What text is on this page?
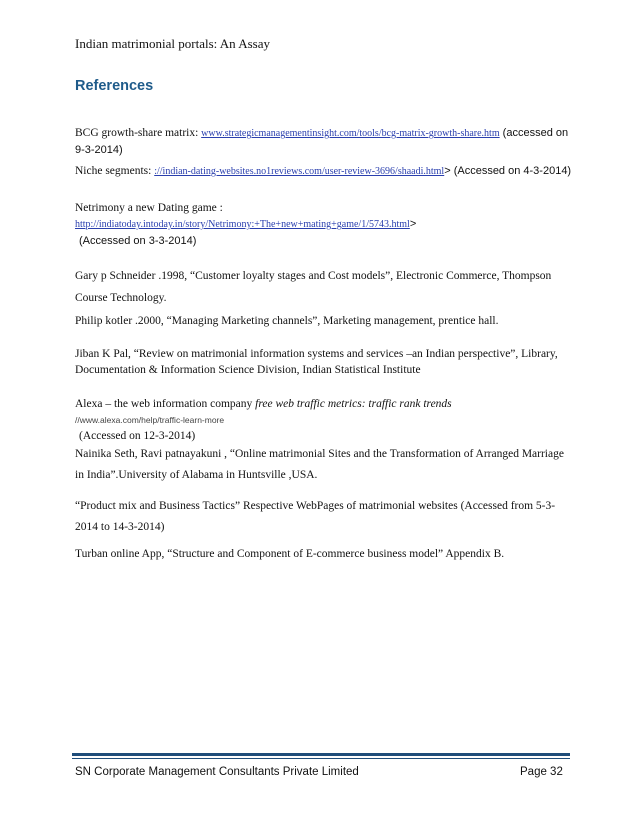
Indian matrimonial portals: An Assay
References
BCG growth-share matrix: www.strategicmanagementinsight.com/tools/bcg-matrix-growth-share.htm (accessed on 9-3-2014)
Niche segments: ://indian-dating-websites.no1reviews.com/user-review-3696/shaadi.html> (Accessed on 4-3-2014)
Netrimony a new Dating game :
http://indiatoday.intoday.in/story/Netrimony:+The+new+mating+game/1/5743.html>
(Accessed on 3-3-2014)
Gary p Schneider .1998, “Customer loyalty stages and Cost models”, Electronic Commerce, Thompson Course Technology.
Philip kotler .2000, “Managing Marketing channels”, Marketing management, prentice hall.
Jiban K Pal, “Review on matrimonial information systems and services –an Indian perspective”, Library, Documentation & Information Science Division, Indian Statistical Institute
Alexa – the web information company free web traffic metrics: traffic rank trends
//www.alexa.com/help/traffic-learn-more
(Accessed on 12-3-2014)
Nainika Seth, Ravi patnayakuni , “Online matrimonial Sites and the Transformation of Arranged Marriage in India”.University of Alabama in Huntsville ,USA.
“Product mix and Business Tactics” Respective WebPages of matrimonial websites (Accessed from 5-3-2014 to 14-3-2014)
Turban online App, “Structure and Component of E-commerce business model” Appendix B.
SN Corporate Management Consultants Private Limited	Page 32
